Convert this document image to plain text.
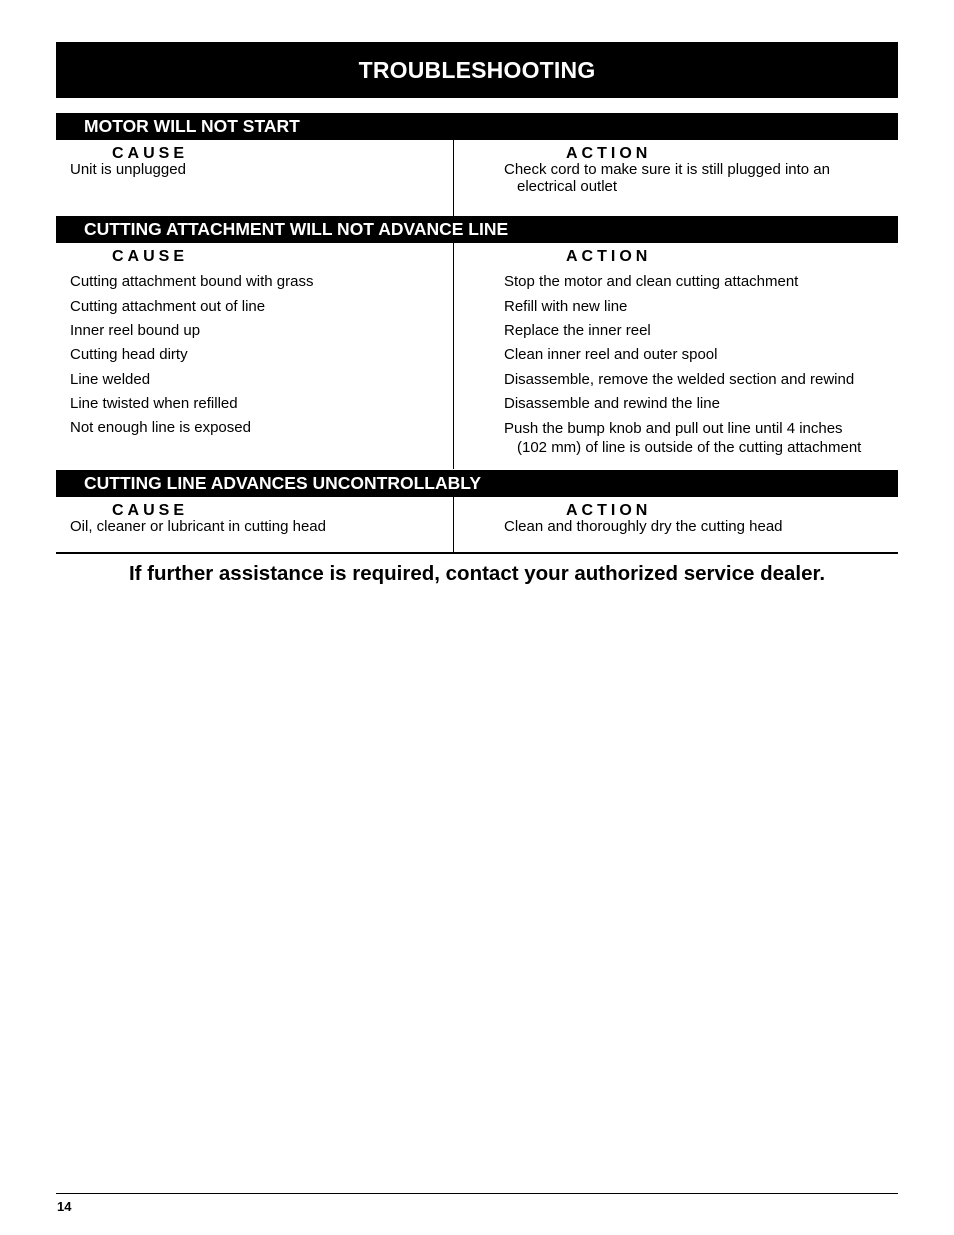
TROUBLESHOOTING
MOTOR WILL NOT START
CAUSE
Unit is unplugged
ACTION
Check cord to make sure it is still plugged into an
electrical outlet
CUTTING ATTACHMENT WILL NOT ADVANCE LINE
CAUSE
Cutting attachment bound with grass
Cutting attachment out of line
Inner reel bound up
Cutting head dirty
Line welded
Line twisted when refilled
Not enough line is exposed
ACTION
Stop the motor and clean cutting attachment
Refill with new line
Replace the inner reel
Clean inner reel and outer spool
Disassemble, remove the welded section and rewind
Disassemble and rewind the line
Push the bump knob and pull out line until 4 inches
(102 mm) of line is outside of the cutting attachment
CUTTING LINE ADVANCES UNCONTROLLABLY
CAUSE
Oil, cleaner or lubricant in cutting head
ACTION
Clean and thoroughly dry the cutting head
If further assistance is required, contact your authorized service dealer.
14
